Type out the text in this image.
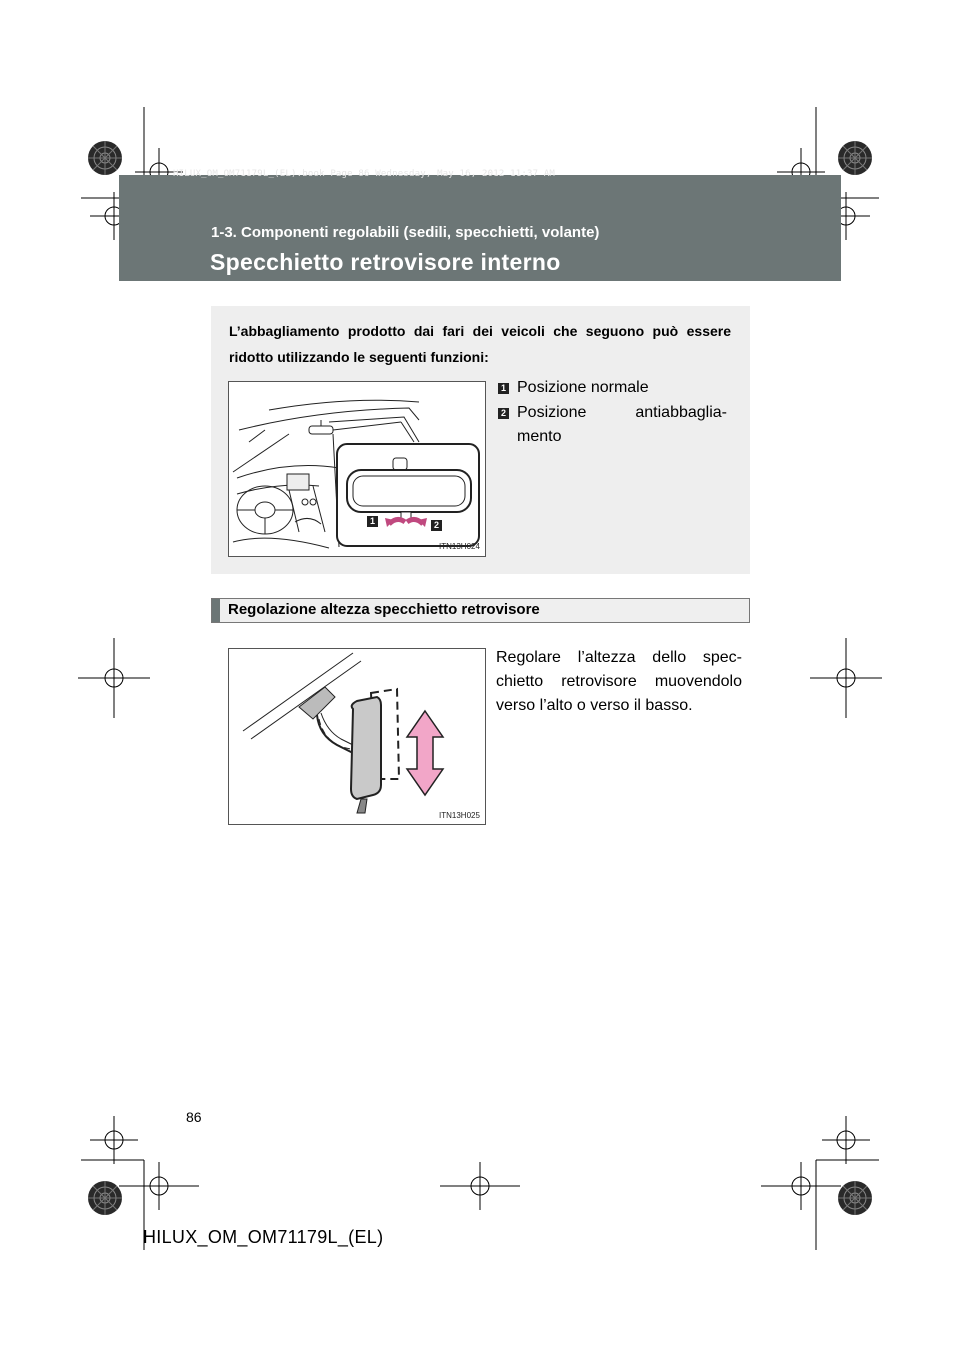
HILUX_OM_OM71179L_(EL).book Page 86 Wednesday, May 16, 2012 11:37 AM
1-3. Componenti regolabili (sedili, specchietti, volante)
Specchietto retrovisore interno
L’abbagliamento prodotto dai fari dei veicoli che seguono può essere ridotto utilizzando le seguenti funzioni:
1	2
ITN13H024
1 Posizione normale
2 Posizione antiabbaglia-
mento
Regolazione altezza specchietto retrovisore
ITN13H025
Regolare l’altezza dello spec-chietto retrovisore muovendolo verso l’alto o verso il basso.
86
HILUX_OM_OM71179L_(EL)
